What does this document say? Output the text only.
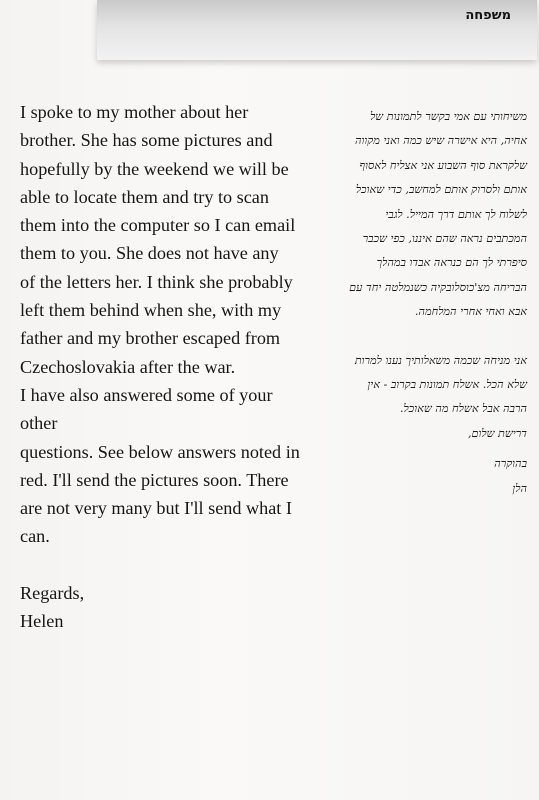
משפחה

I spoke to my mother about her

brother. She has some pictures and

hopefully by the weekend we will be

able to locate them and try to scan

them into the computer so I can email

them to you. She does not have any

of the letters her. I think she probably

left them behind when she, with my

father and my brother escaped from

Czechoslovakia after the war.

I have also answered some of your other

questions. See below answers noted in

red. I'll send the pictures soon. There

are not very many but I'll send what I

can.

Regards,

Helen

משיחותי עם אמי בקשר לתמונות של

אחיה, היא אישרה שיש כמה ואני מקווה

שלקראת סוף השבוע אני אצליח לאסוף

אותם ולסרוק אותם למחשב, כדי שאוכל

לשלוח לך אותם דרך המייל. לגבי

המכתבים נראה שהם איננו, כפי שכבר

סיפרתי לך הם כנראה אבדו במהלך

הבריחה מצ'כוסלובקיה כשנמלטה יחד עם

אבא ואחי אחרי המלחמה.

אני מניחה שכמה משאלותיך נענו למרות

שלא הכל. אשלח תמונות בקרוב - אין

הרבה אבל אשלח מה שאוכל.

דרישת שלום,

בהוקרה

הלן
